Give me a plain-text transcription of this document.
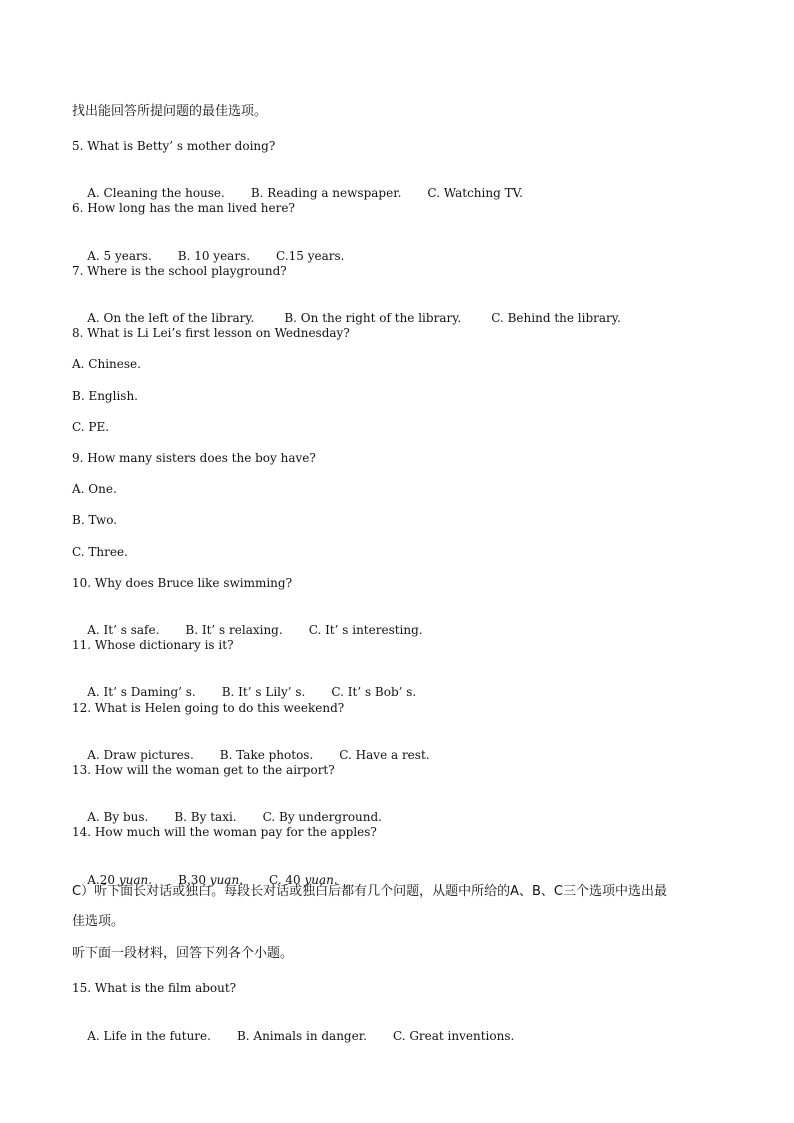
找出能回答所提问题的最佳选项。
5. What is Betty’ s mother doing?

A. Cleaning the house. B. Reading a newspaper. C. Watching TV.

6. How long has the man lived here?

A. 5 years. B. 10 years. C.15 years.

7. Where is the school playground?

A. On the left of the library.	B. On the right of the library.	C. Behind the library.

8. What is Li Lei’s first lesson on Wednesday?
A. Chinese.
B. English.
C. PE.
9. How many sisters does the boy have?
A. One.
B. Two.
C. Three.
10. Why does Bruce like swimming?

A. It’ s safe. B. It’ s relaxing. C. It’ s interesting.

11. Whose dictionary is it?

A. It’ s Daming’ s. B. It’ s Lily’ s. C. It’ s Bob’ s.

12. What is Helen going to do this weekend?

A. Draw pictures. B. Take photos. C. Have a rest.

13. How will the woman get to the airport?

A. By bus. B. By taxi. C. By underground.

14. How much will the woman pay for the apples?

A.20 yuan. B.30 yuan. C. 40 yuan.

C）听下面长对话或独白。每段长对话或独白后都有几个问题，从题中所给的A、B、C三个选项中选出最
佳选项。
听下面一段材料，回答下列各个小题。
15. What is the film about?

A. Life in the future. B. Animals in danger. C. Great inventions.
